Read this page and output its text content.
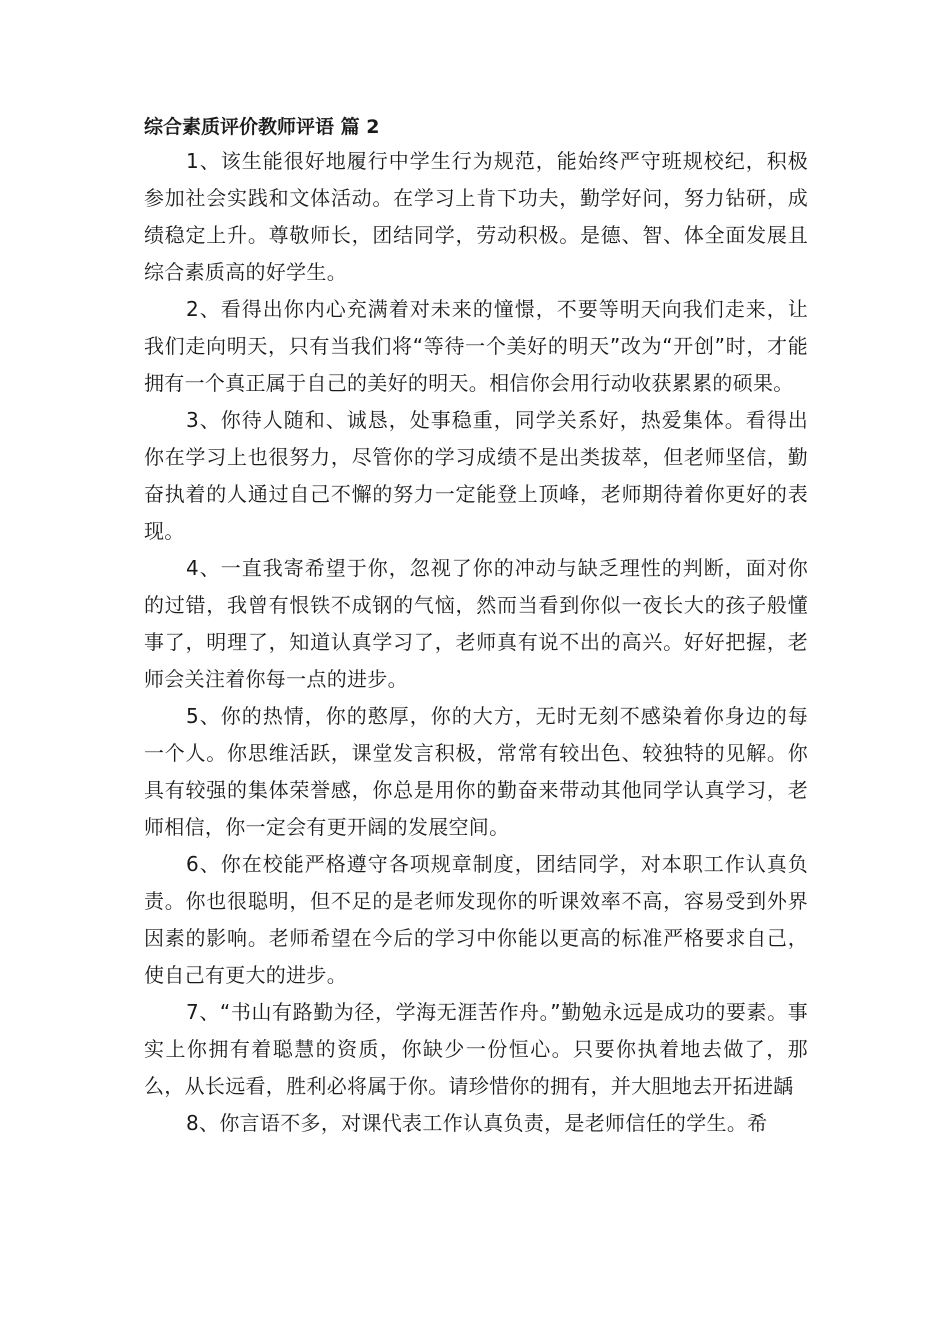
综合素质评价教师评语 篇 2

1、该生能很好地履行中学生行为规范，能始终严守班规校纪，积极参加社会实践和文体活动。在学习上肯下功夫，勤学好问，努力钻研，成绩稳定上升。尊敬师长，团结同学，劳动积极。是德、智、体全面发展且综合素质高的好学生。

2、看得出你内心充满着对未来的憧憬，不要等明天向我们走来，让我们走向明天，只有当我们将“等待一个美好的明天”改为“开创”时，才能拥有一个真正属于自己的美好的明天。相信你会用行动收获累累的硕果。

3、你待人随和、诚恳，处事稳重，同学关系好，热爱集体。看得出你在学习上也很努力，尽管你的学习成绩不是出类拔萃，但老师坚信，勤奋执着的人通过自己不懈的努力一定能登上顶峰，老师期待着你更好的表现。

4、一直我寄希望于你，忽视了你的冲动与缺乏理性的判断，面对你的过错，我曾有恨铁不成钢的气恼，然而当看到你似一夜长大的孩子般懂事了，明理了，知道认真学习了，老师真有说不出的高兴。好好把握，老师会关注着你每一点的进步。

5、你的热情，你的憨厚，你的大方，无时无刻不感染着你身边的每一个人。你思维活跃，课堂发言积极，常常有较出色、较独特的见解。你具有较强的集体荣誉感，你总是用你的勤奋来带动其他同学认真学习，老师相信，你一定会有更开阔的发展空间。

6、你在校能严格遵守各项规章制度，团结同学，对本职工作认真负责。你也很聪明，但不足的是老师发现你的听课效率不高，容易受到外界因素的影响。老师希望在今后的学习中你能以更高的标准严格要求自己，使自己有更大的进步。

7、“书山有路勤为径，学海无涯苦作舟。”勤勉永远是成功的要素。事实上你拥有着聪慧的资质，你缺少一份恒心。只要你执着地去做了，那么，从长远看，胜利必将属于你。请珍惜你的拥有，并大胆地去开拓进龋

8、你言语不多，对课代表工作认真负责，是老师信任的学生。希
